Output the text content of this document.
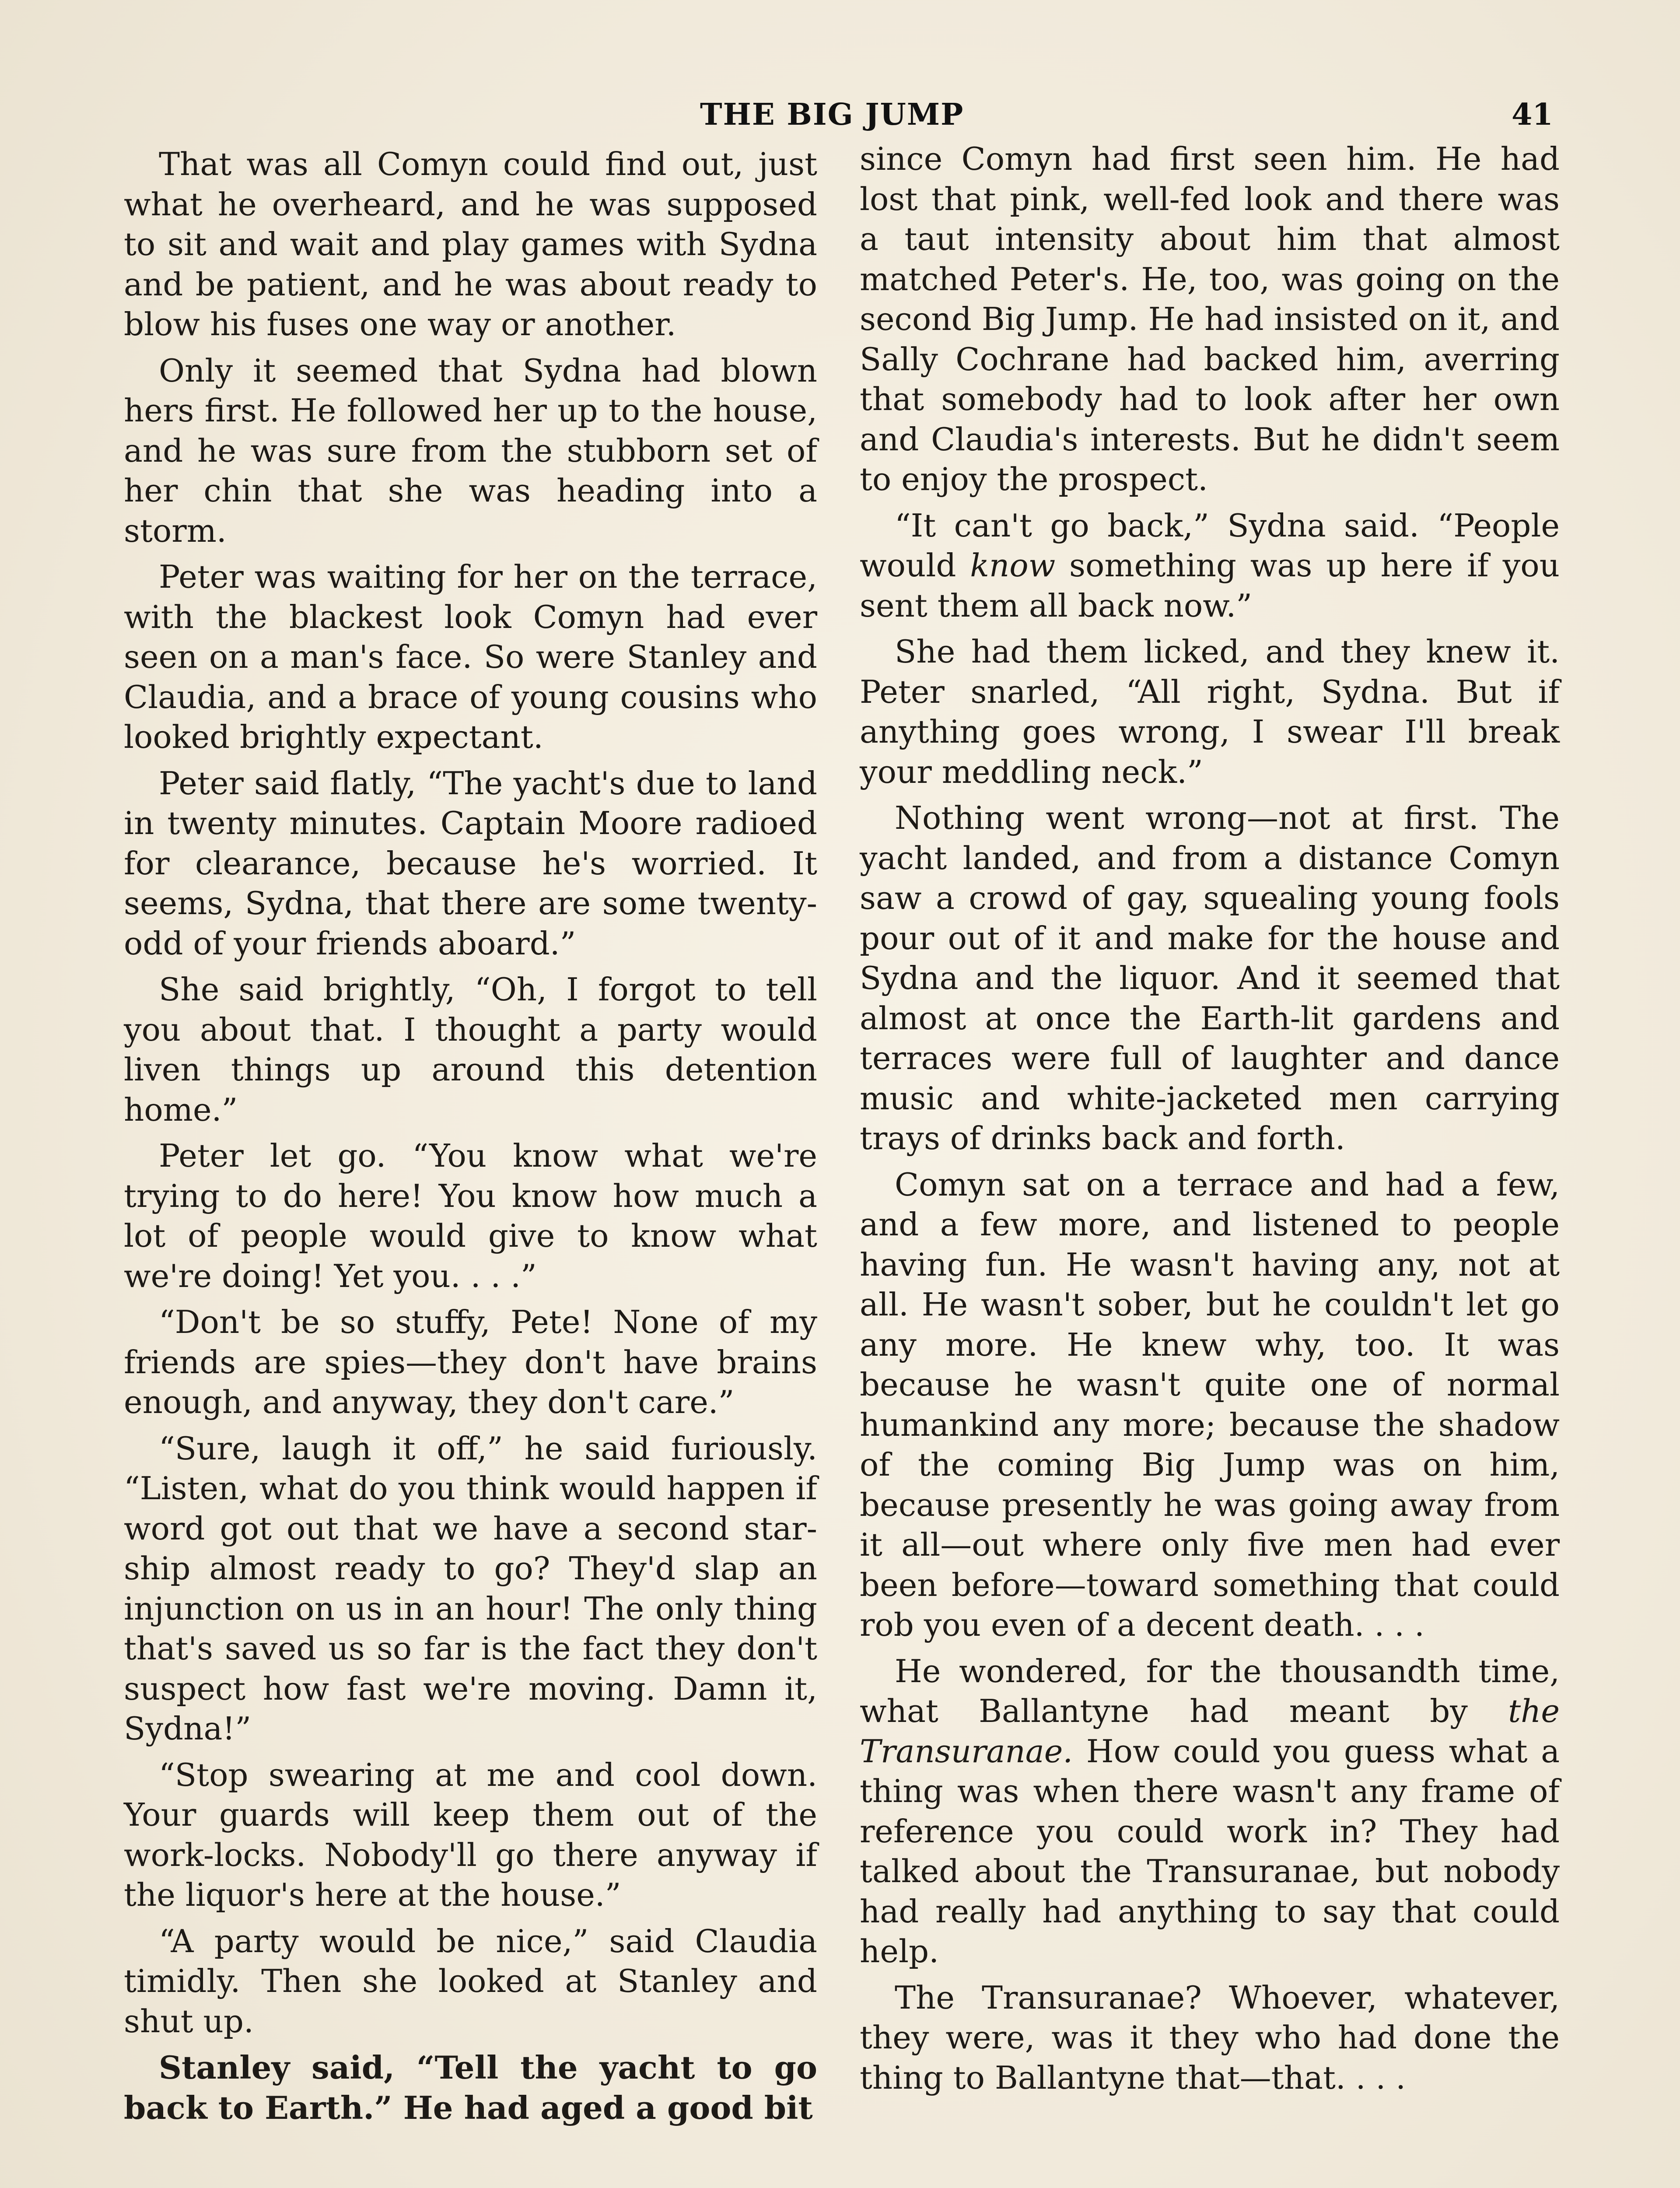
THE BIG JUMP	41

That was all Comyn could find out, just what he overheard, and he was supposed to sit and wait and play games with Sydna and be patient, and he was about ready to blow his fuses one way or another.

Only it seemed that Sydna had blown hers first. He followed her up to the house, and he was sure from the stubborn set of her chin that she was heading into a storm.

Peter was waiting for her on the terrace, with the blackest look Comyn had ever seen on a man's face. So were Stanley and Claudia, and a brace of young cousins who looked brightly expectant.

Peter said flatly, “The yacht's due to land in twenty minutes. Captain Moore radioed for clearance, because he's worried. It seems, Sydna, that there are some twenty-odd of your friends aboard.”

She said brightly, “Oh, I forgot to tell you about that. I thought a party would liven things up around this detention home.”

Peter let go. “You know what we're trying to do here! You know how much a lot of people would give to know what we're doing! Yet you. . . .”

“Don't be so stuffy, Pete! None of my friends are spies—they don't have brains enough, and anyway, they don't care.”

“Sure, laugh it off,” he said furiously. “Listen, what do you think would happen if word got out that we have a second star-ship almost ready to go? They'd slap an injunction on us in an hour! The only thing that's saved us so far is the fact they don't suspect how fast we're moving. Damn it, Sydna!”

“Stop swearing at me and cool down. Your guards will keep them out of the work-locks. Nobody'll go there anyway if the liquor's here at the house.”

“A party would be nice,” said Claudia timidly. Then she looked at Stanley and shut up.

Stanley said, “Tell the yacht to go back to Earth.” He had aged a good bit

since Comyn had first seen him. He had lost that pink, well-fed look and there was a taut intensity about him that almost matched Peter's. He, too, was going on the second Big Jump. He had insisted on it, and Sally Cochrane had backed him, averring that somebody had to look after her own and Claudia's interests. But he didn't seem to enjoy the prospect.

“It can't go back,” Sydna said. “People would know something was up here if you sent them all back now.”

She had them licked, and they knew it. Peter snarled, “All right, Sydna. But if anything goes wrong, I swear I'll break your meddling neck.”

Nothing went wrong—not at first. The yacht landed, and from a distance Comyn saw a crowd of gay, squealing young fools pour out of it and make for the house and Sydna and the liquor. And it seemed that almost at once the Earth-lit gardens and terraces were full of laughter and dance music and white-jacketed men carrying trays of drinks back and forth.

Comyn sat on a terrace and had a few, and a few more, and listened to people having fun. He wasn't having any, not at all. He wasn't sober, but he couldn't let go any more. He knew why, too. It was because he wasn't quite one of normal humankind any more; because the shadow of the coming Big Jump was on him, because presently he was going away from it all—out where only five men had ever been before—toward something that could rob you even of a decent death. . . .

He wondered, for the thousandth time, what Ballantyne had meant by the Transuranae. How could you guess what a thing was when there wasn't any frame of reference you could work in? They had talked about the Transuranae, but nobody had really had anything to say that could help.

The Transuranae? Whoever, whatever, they were, was it they who had done the thing to Ballantyne that—that. . . .
